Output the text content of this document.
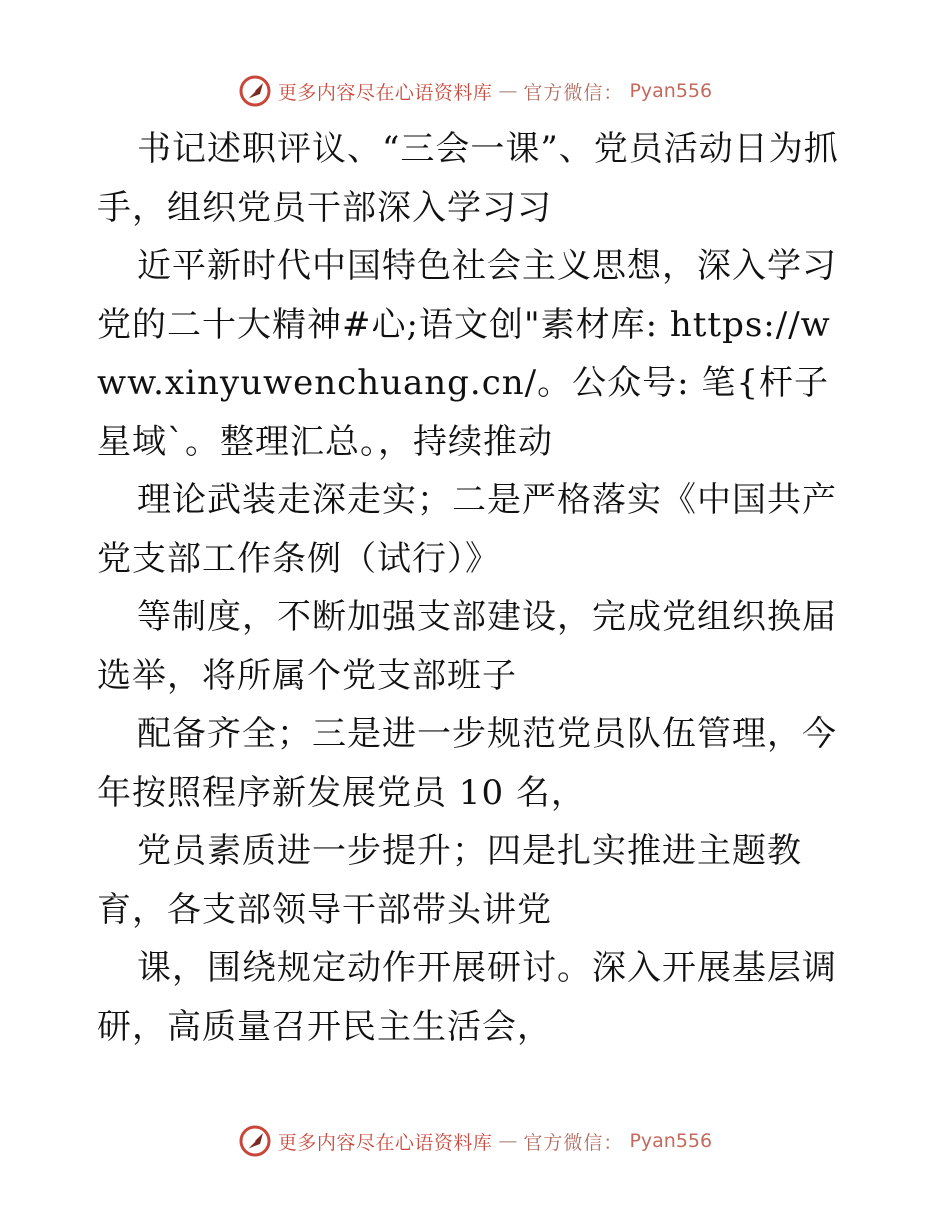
更多内容尽在心语资料库 — 官方微信： Pyan556

书记述职评议、“三会一课”、党员活动日为抓手，组织党员干部深入学习习

近平新时代中国特色社会主义思想，深入学习党的二十大精神#心;语文创"素材库: https://www.xinyuwenchuang.cn/。公众号: 笔{杆子星域`。整理汇总。，持续推动

理论武装走深走实；二是严格落实《中国共产党支部工作条例（试行）》

等制度，不断加强支部建设，完成党组织换届选举，将所属个党支部班子

配备齐全；三是进一步规范党员队伍管理，今年按照程序新发展党员 10 名，

党员素质进一步提升；四是扎实推进主题教育，各支部领导干部带头讲党

课，围绕规定动作开展研讨。深入开展基层调研，高质量召开民主生活会，

更多内容尽在心语资料库 — 官方微信： Pyan556
